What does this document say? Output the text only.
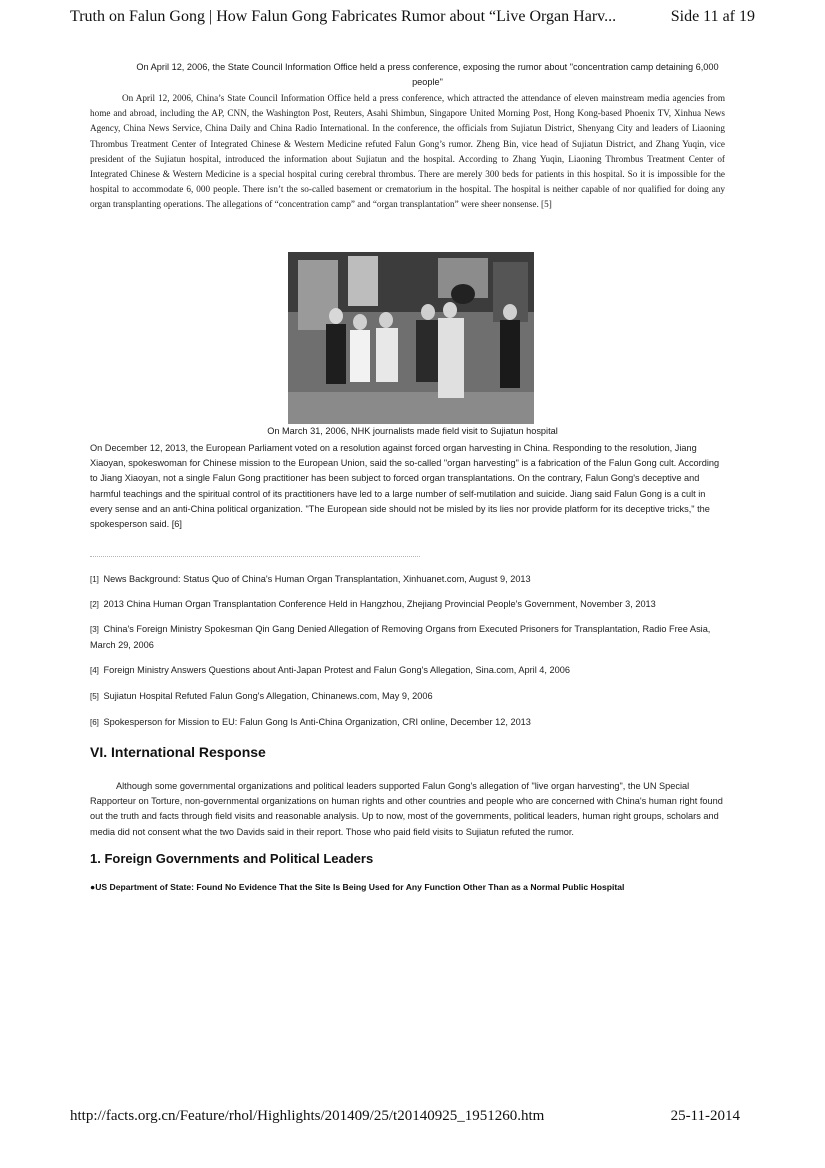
Truth on Falun Gong | How Falun Gong Fabricates Rumor about “Live Organ Harv...	Side 11 af 19
On April 12, 2006, the State Council Information Office held a press conference, exposing the rumor about "concentration camp detaining 6,000 people"
On April 12, 2006, China’s State Council Information Office held a press conference, which attracted the attendance of eleven mainstream media agencies from home and abroad, including the AP, CNN, the Washington Post, Reuters, Asahi Shimbun, Singapore United Morning Post, Hong Kong-based Phoenix TV, Xinhua News Agency, China News Service, China Daily and China Radio International. In the conference, the officials from Sujiatun District, Shenyang City and leaders of Liaoning Thrombus Treatment Center of Integrated Chinese & Western Medicine refuted Falun Gong’s rumor. Zheng Bin, vice head of Sujiatun District, and Zhang Yuqin, vice president of the Sujiatun hospital, introduced the information about Sujiatun and the hospital. According to Zhang Yuqin, Liaoning Thrombus Treatment Center of Integrated Chinese & Western Medicine is a special hospital curing cerebral thrombus. There are merely 300 beds for patients in this hospital. So it is impossible for the hospital to accommodate 6, 000 people. There isn’t the so-called basement or crematorium in the hospital. The hospital is neither capable of nor qualified for doing any organ transplanting operations. The allegations of “concentration camp” and “organ transplantation” were sheer nonsense. [5]
On March 31, 2006, NHK journalists made field visit to Sujiatun hospital
On December 12, 2013, the European Parliament voted on a resolution against forced organ harvesting in China. Responding to the resolution, Jiang Xiaoyan, spokeswoman for Chinese mission to the European Union, said the so-called "organ harvesting" is a fabrication of the Falun Gong cult. According to Jiang Xiaoyan, not a single Falun Gong practitioner has been subject to forced organ transplantations. On the contrary, Falun Gong's deceptive and harmful teachings and the spiritual control of its practitioners have led to a large number of self-mutilation and suicide. Jiang said Falun Gong is a cult in every sense and an anti-China political organization. "The European side should not be misled by its lies nor provide platform for its deceptive tricks," the spokesperson said. [6]
[1] News Background: Status Quo of China's Human Organ Transplantation, Xinhuanet.com, August 9, 2013
[2] 2013 China Human Organ Transplantation Conference Held in Hangzhou, Zhejiang Provincial People's Government, November 3, 2013
[3] China's Foreign Ministry Spokesman Qin Gang Denied Allegation of Removing Organs from Executed Prisoners for Transplantation, Radio Free Asia, March 29, 2006
[4] Foreign Ministry Answers Questions about Anti-Japan Protest and Falun Gong's Allegation, Sina.com, April 4, 2006
[5] Sujiatun Hospital Refuted Falun Gong's Allegation, Chinanews.com, May 9, 2006
[6] Spokesperson for Mission to EU: Falun Gong Is Anti-China Organization, CRI online, December 12, 2013
VI. International Response
Although some governmental organizations and political leaders supported Falun Gong's allegation of "live organ harvesting", the UN Special Rapporteur on Torture, non-governmental organizations on human rights and other countries and people who are concerned with China's human right found out the truth and facts through field visits and reasonable analysis. Up to now, most of the governments, political leaders, human right groups, scholars and media did not consent what the two Davids said in their report. Those who paid field visits to Sujiatun refuted the rumor.
1. Foreign Governments and Political Leaders
●US Department of State: Found No Evidence That the Site Is Being Used for Any Function Other Than as a Normal Public Hospital
http://facts.org.cn/Feature/rhol/Highlights/201409/25/t20140925_1951260.htm	25-11-2014
